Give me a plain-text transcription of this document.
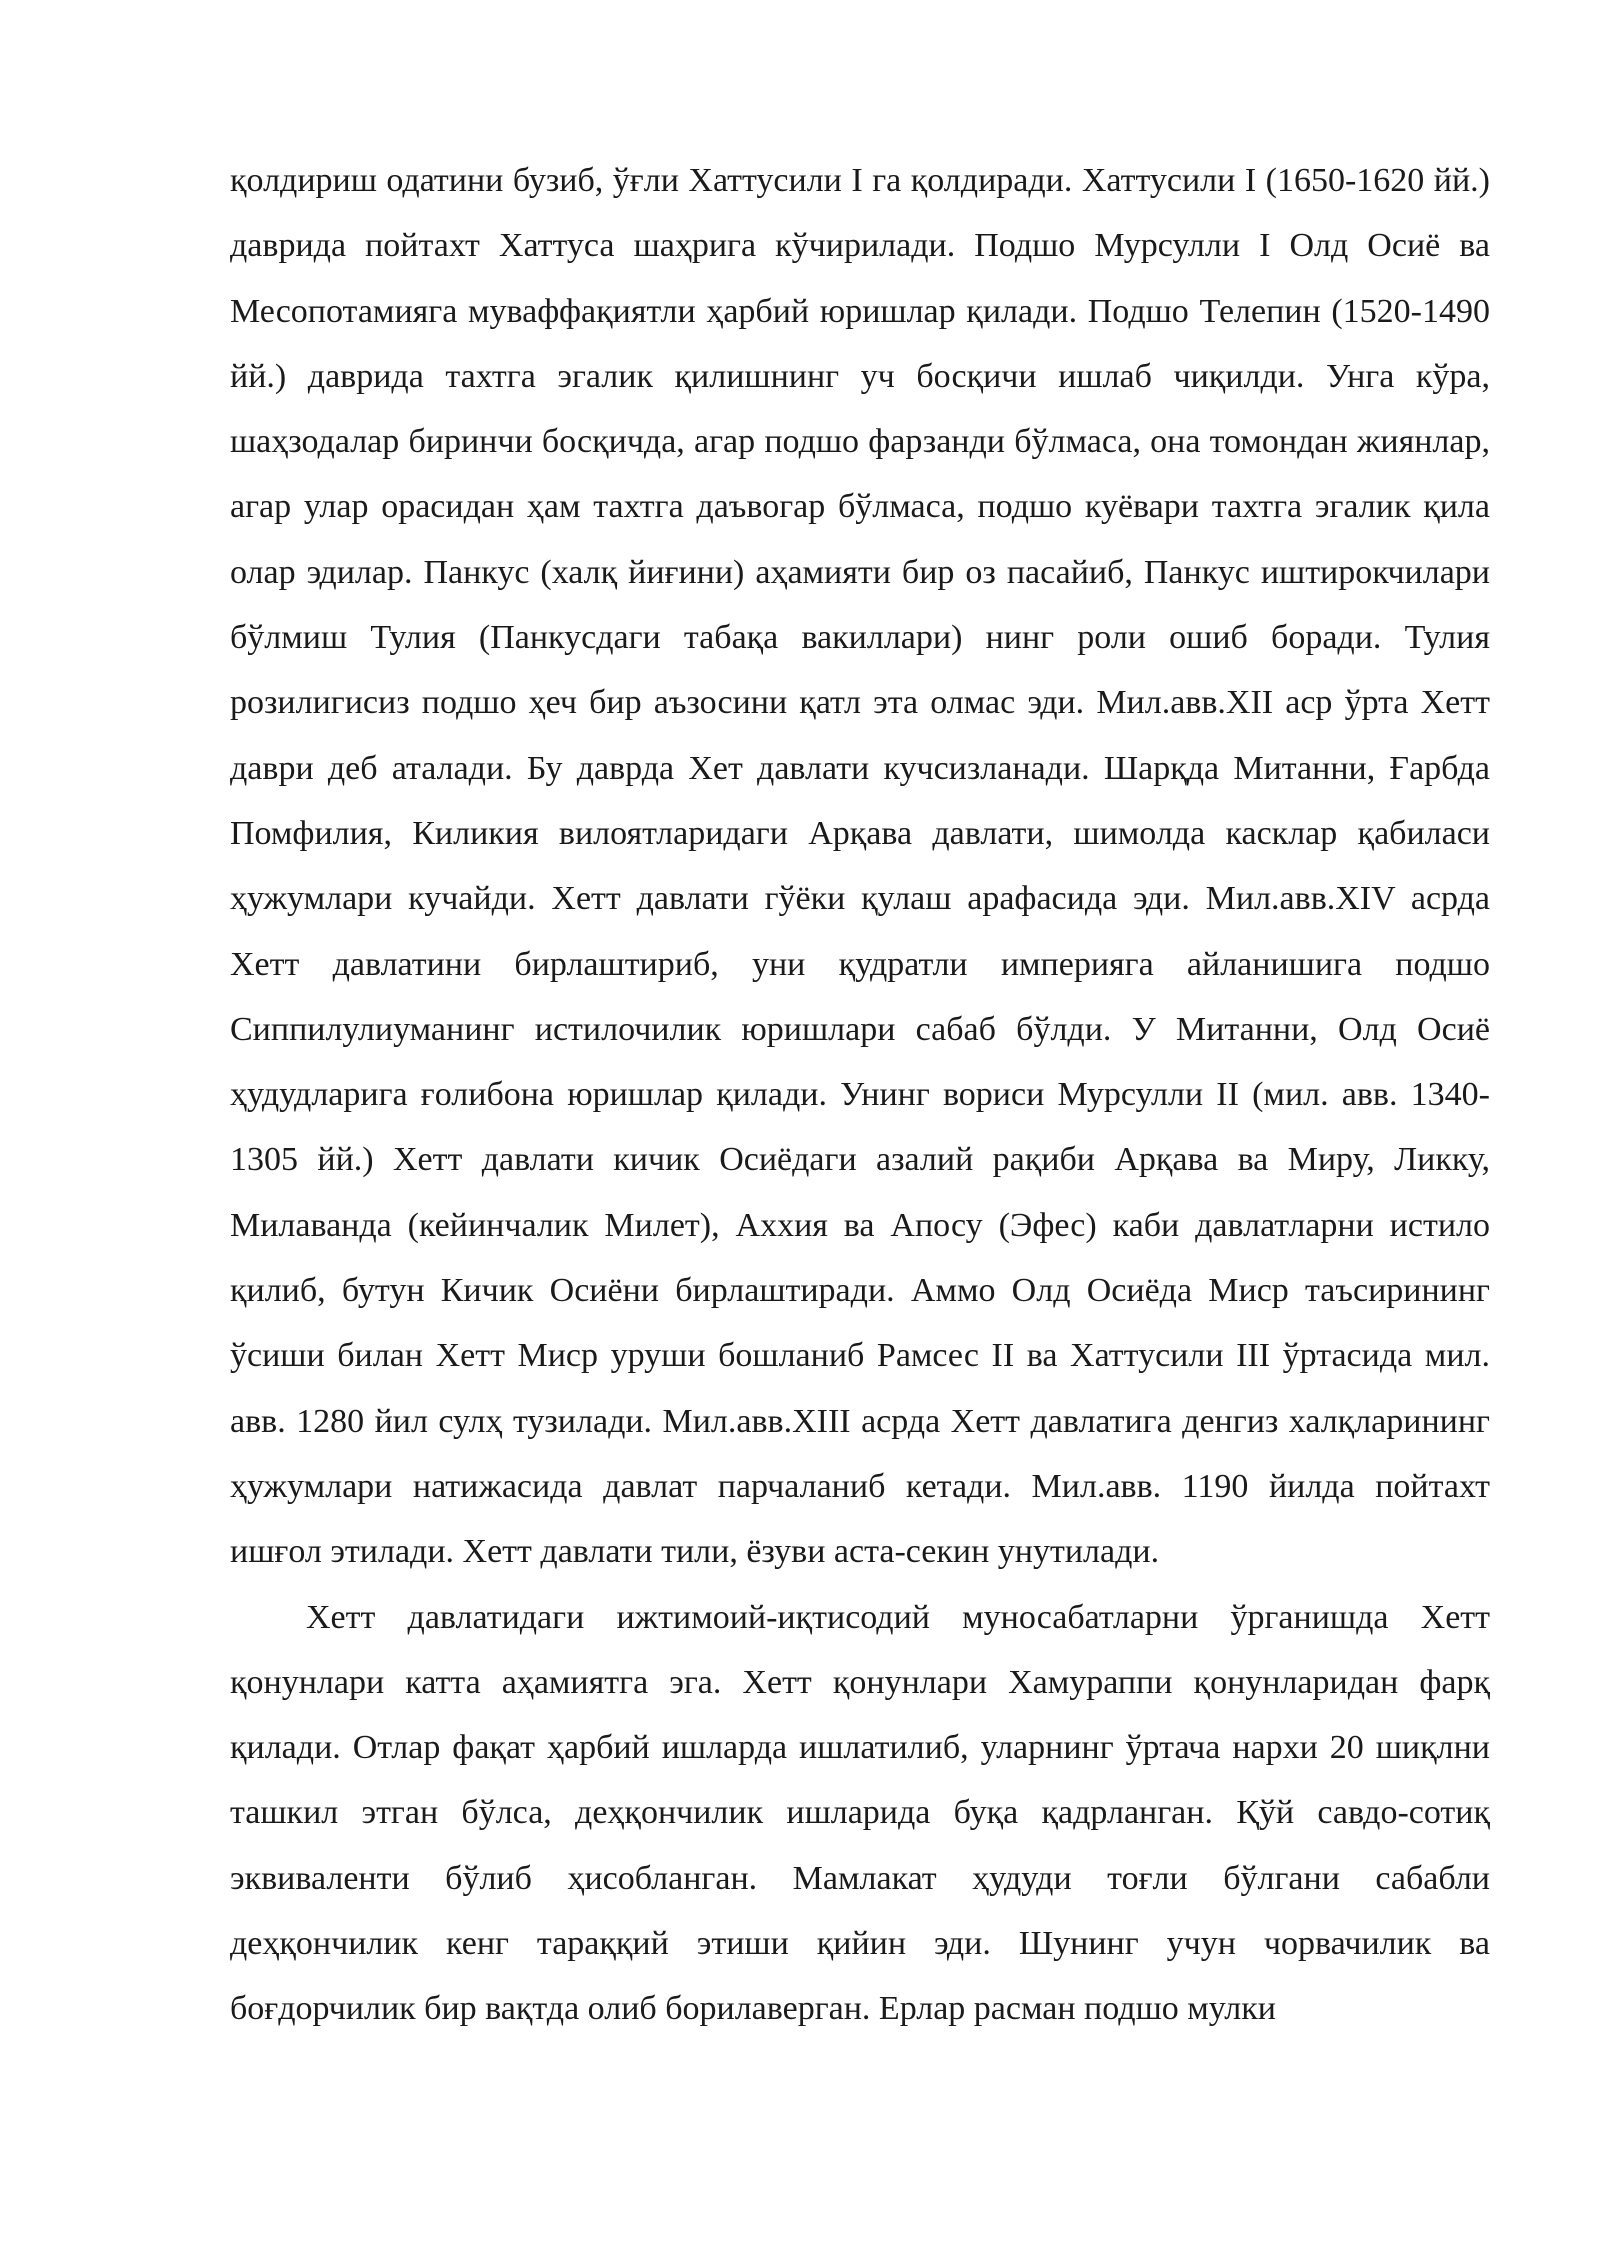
қолдириш одатини бузиб, ўғли Хаттусили I га қолдиради. Хаттусили I (1650-1620 йй.) даврида пойтахт Хаттуса шаҳрига кўчирилади. Подшо Мурсулли I Олд Осиё ва Месопотамияга муваффақиятли ҳарбий юришлар қилади. Подшо Телепин (1520-1490 йй.) даврида тахтга эгалик қилишнинг уч босқичи ишлаб чиқилди. Унга кўра, шаҳзодалар биринчи босқичда, агар подшо фарзанди бўлмаса, она томондан жиянлар, агар улар орасидан ҳам тахтга даъвогар бўлмаса, подшо куёвари тахтга эгалик қила олар эдилар. Панкус (халқ йиғини) аҳамияти бир оз пасайиб, Панкус иштирокчилари бўлмиш Тулия (Панкусдаги табақа вакиллари) нинг роли ошиб боради. Тулия розилигисиз подшо ҳеч бир аъзосини қатл эта олмас эди. Мил.авв.XII аср ўрта Хетт даври деб аталади. Бу даврда Хет давлати кучсизланади. Шарқда Митанни, Ғарбда Помфилия, Киликия вилоятларидаги Арқава давлати, шимолда касклар қабиласи ҳужумлари кучайди. Хетт давлати гўёки қулаш арафасида эди. Мил.авв.XIV асрда Хетт давлатини бирлаштириб, уни қудратли империяга айланишига подшо Сиппилулиуманинг истилочилик юришлари сабаб бўлди. У Митанни, Олд Осиё ҳудудларига ғолибона юришлар қилади. Унинг вориси Мурсулли II (мил. авв. 1340-1305 йй.) Хетт давлати кичик Осиёдаги азалий рақиби Арқава ва Миру, Ликку, Милаванда (кейинчалик Милет), Аххия ва Апосу (Эфес) каби давлатларни истило қилиб, бутун Кичик Осиёни бирлаштиради. Аммо Олд Осиёда Миср таъсирининг ўсиши билан Хетт Миср уруши бошланиб Рамсес II ва Хаттусили III ўртасида мил. авв. 1280 йил сулҳ тузилади. Мил.авв.XIII асрда Хетт давлатига денгиз халқларининг ҳужумлари натижасида давлат парчаланиб кетади. Мил.авв. 1190 йилда пойтахт ишғол этилади. Хетт давлати тили, ёзуви аста-секин унутилади.

Хетт давлатидаги ижтимоий-иқтисодий муносабатларни ўрганишда Хетт қонунлари катта аҳамиятга эга. Хетт қонунлари Хамураппи қонунларидан фарқ қилади. Отлар фақат ҳарбий ишларда ишлатилиб, уларнинг ўртача нархи 20 шиқлни ташкил этган бўлса, деҳқончилик ишларида буқа қадрланган. Қўй савдо-сотиқ эквиваленти бўлиб ҳисобланган. Мамлакат ҳудуди тоғли бўлгани сабабли деҳқончилик кенг тараққий этиши қийин эди. Шунинг учун чорвачилик ва боғдорчилик бир вақтда олиб борилаверган. Ерлар расман подшо мулки
